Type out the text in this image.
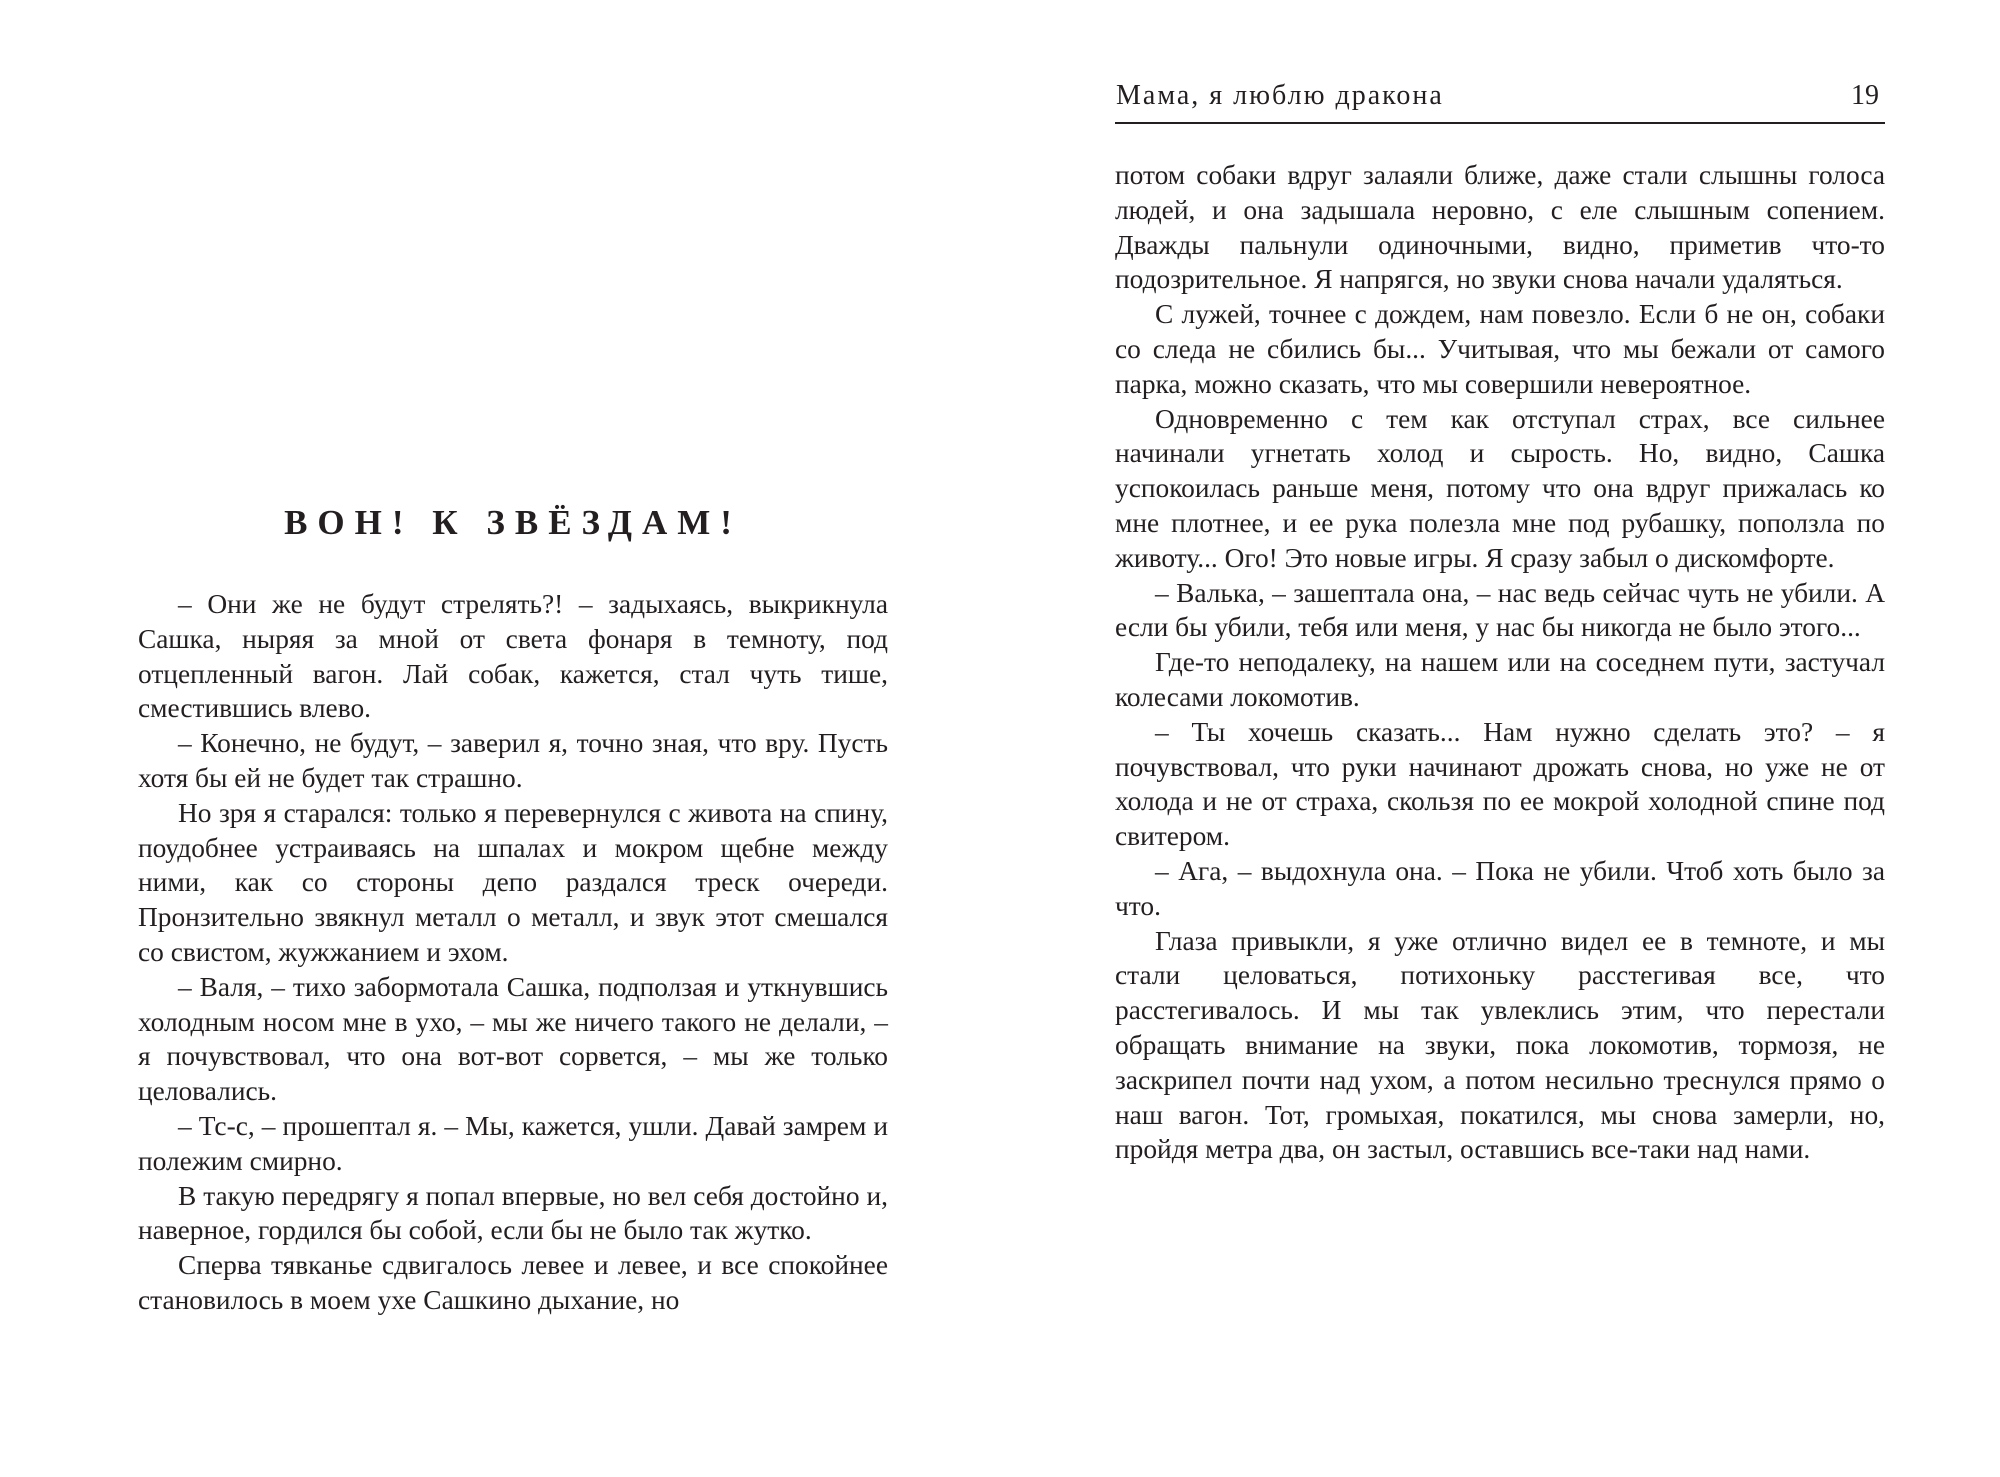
ВОН! К ЗВЁЗДАМ!

– Они же не будут стрелять?! – задыхаясь, выкрикнула Сашка, ныряя за мной от света фонаря в темноту, под отцепленный вагон. Лай собак, кажется, стал чуть тише, сместившись влево.

– Конечно, не будут, – заверил я, точно зная, что вру. Пусть хотя бы ей не будет так страшно.

Но зря я старался: только я перевернулся с живота на спину, поудобнее устраиваясь на шпалах и мокром щебне между ними, как со стороны депо раздался треск очереди. Пронзительно звякнул металл о металл, и звук этот смешался со свистом, жужжанием и эхом.

– Валя, – тихо забормотала Сашка, подползая и уткнувшись холодным носом мне в ухо, – мы же ничего такого не делали, – я почувствовал, что она вот-вот сорвется, – мы же только целовались.

– Тс-с, – прошептал я. – Мы, кажется, ушли. Давай замрем и полежим смирно.

В такую передрягу я попал впервые, но вел себя достойно и, наверное, гордился бы собой, если бы не было так жутко.

Сперва тявканье сдвигалось левее и левее, и все спокойнее становилось в моем ухе Сашкино дыхание, но

Мама, я люблю дракона	19

потом собаки вдруг залаяли ближе, даже стали слышны голоса людей, и она задышала неровно, с еле слышным сопением. Дважды пальнули одиночными, видно, приметив что-то подозрительное. Я напрягся, но звуки снова начали удаляться.

С лужей, точнее с дождем, нам повезло. Если б не он, собаки со следа не сбились бы... Учитывая, что мы бежали от самого парка, можно сказать, что мы совершили невероятное.

Одновременно с тем как отступал страх, все сильнее начинали угнетать холод и сырость. Но, видно, Сашка успокоилась раньше меня, потому что она вдруг прижалась ко мне плотнее, и ее рука полезла мне под рубашку, поползла по животу... Ого! Это новые игры. Я сразу забыл о дискомфорте.

– Валька, – зашептала она, – нас ведь сейчас чуть не убили. А если бы убили, тебя или меня, у нас бы никогда не было этого...

Где-то неподалеку, на нашем или на соседнем пути, застучал колесами локомотив.

– Ты хочешь сказать... Нам нужно сделать это? – я почувствовал, что руки начинают дрожать снова, но уже не от холода и не от страха, скользя по ее мокрой холодной спине под свитером.

– Ага, – выдохнула она. – Пока не убили. Чтоб хоть было за что.

Глаза привыкли, я уже отлично видел ее в темноте, и мы стали целоваться, потихоньку расстегивая все, что расстегивалось. И мы так увлеклись этим, что перестали обращать внимание на звуки, пока локомотив, тормозя, не заскрипел почти над ухом, а потом несильно треснулся прямо о наш вагон. Тот, громыхая, покатился, мы снова замерли, но, пройдя метра два, он застыл, оставшись все-таки над нами.
